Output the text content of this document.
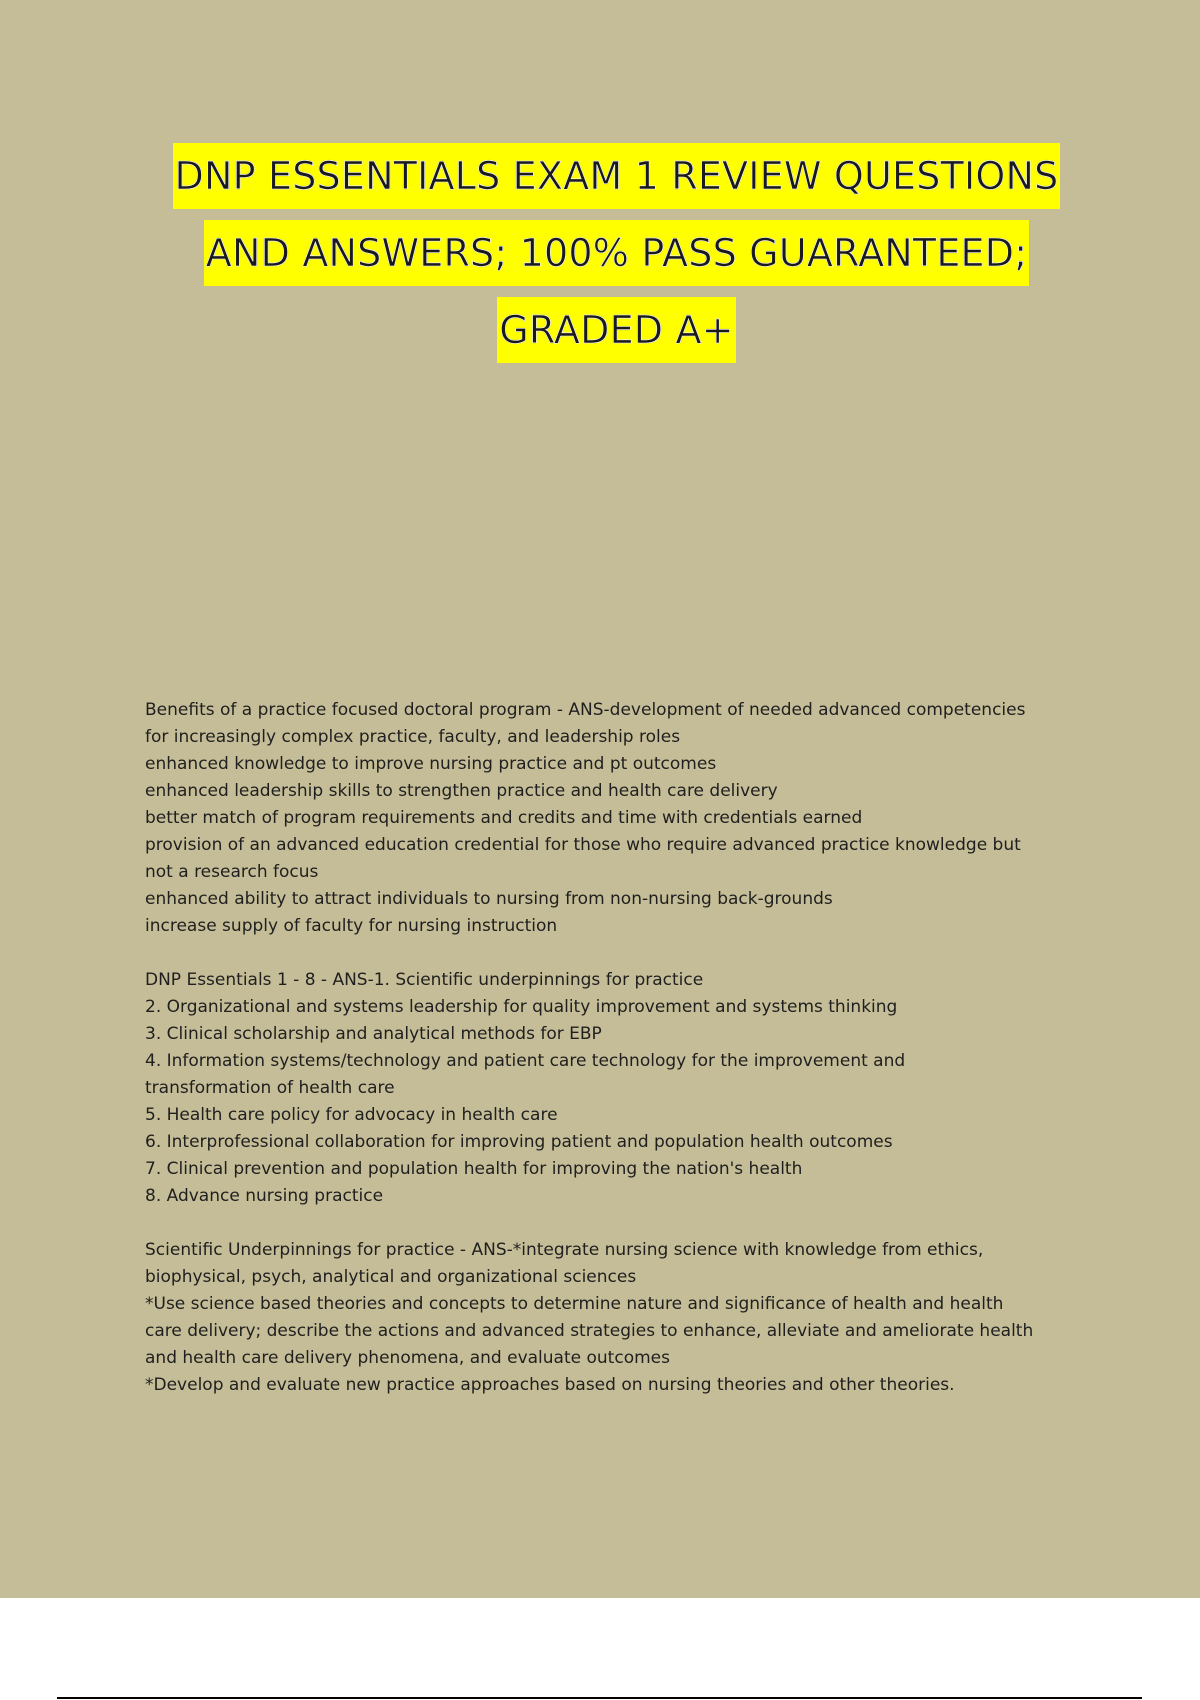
DNP ESSENTIALS EXAM 1 REVIEW QUESTIONS
AND ANSWERS; 100% PASS GUARANTEED;
GRADED A+
Benefits of a practice focused doctoral program - ANS-development of needed advanced competencies
for increasingly complex practice, faculty, and leadership roles
enhanced knowledge to improve nursing practice and pt outcomes
enhanced leadership skills to strengthen practice and health care delivery
better match of program requirements and credits and time with credentials earned
provision of an advanced education credential for those who require advanced practice knowledge but
not a research focus
enhanced ability to attract individuals to nursing from non-nursing back-grounds
increase supply of faculty for nursing instruction
DNP Essentials 1 - 8 - ANS-1. Scientific underpinnings for practice
2. Organizational and systems leadership for quality improvement and systems thinking
3. Clinical scholarship and analytical methods for EBP
4. Information systems/technology and patient care technology for the improvement and
transformation of health care
5. Health care policy for advocacy in health care
6. Interprofessional collaboration for improving patient and population health outcomes
7. Clinical prevention and population health for improving the nation's health
8. Advance nursing practice
Scientific Underpinnings for practice - ANS-*integrate nursing science with knowledge from ethics,
biophysical, psych, analytical and organizational sciences
*Use science based theories and concepts to determine nature and significance of health and health
care delivery; describe the actions and advanced strategies to enhance, alleviate and ameliorate health
and health care delivery phenomena, and evaluate outcomes
*Develop and evaluate new practice approaches based on nursing theories and other theories.
